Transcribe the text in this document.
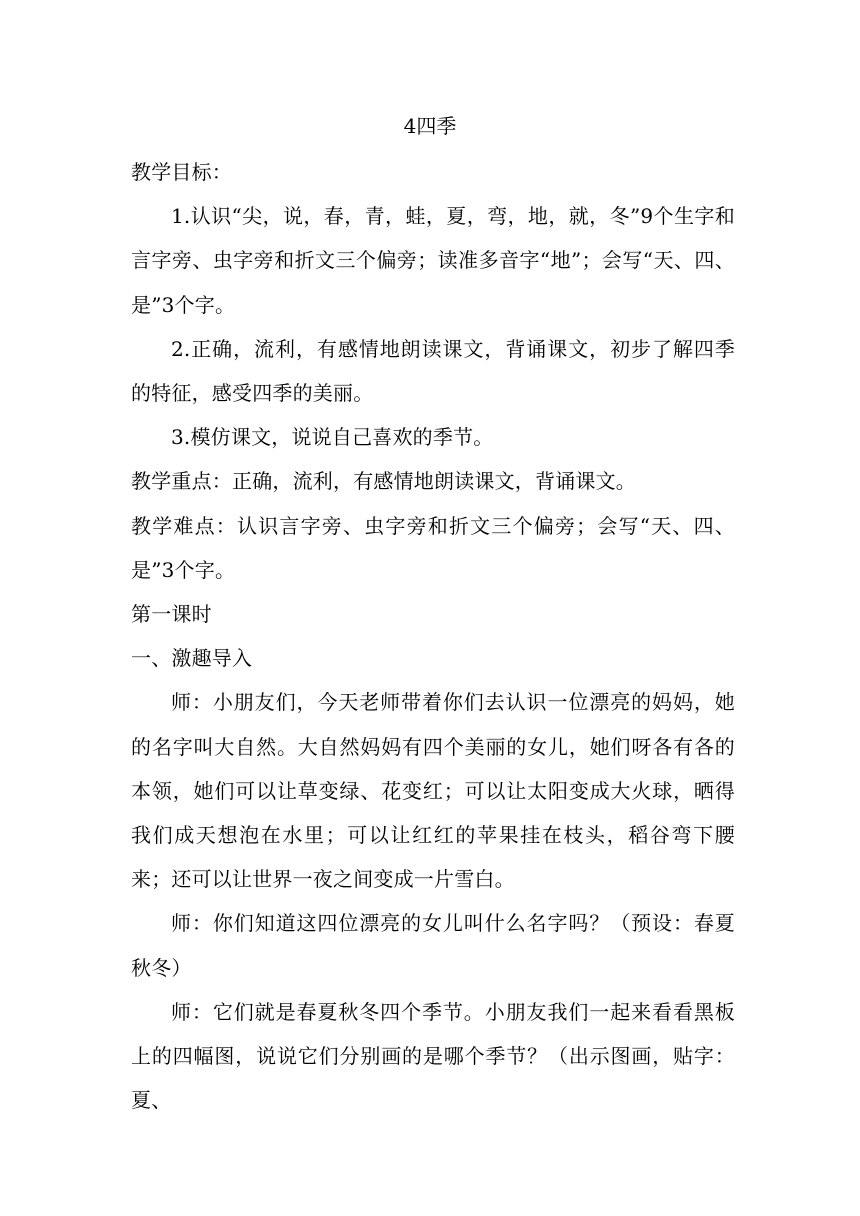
4四季

教学目标：

1.认识“尖，说，春，青，蛙，夏，弯，地，就，冬”9个生字和言字旁、虫字旁和折文三个偏旁；读准多音字“地”；会写“天、四、是”3个字。

2.正确，流利，有感情地朗读课文，背诵课文，初步了解四季的特征，感受四季的美丽。

3.模仿课文，说说自己喜欢的季节。

教学重点：正确，流利，有感情地朗读课文，背诵课文。

教学难点：认识言字旁、虫字旁和折文三个偏旁；会写“天、四、是”3个字。

第一课时

一、激趣导入

师：小朋友们，今天老师带着你们去认识一位漂亮的妈妈，她的名字叫大自然。大自然妈妈有四个美丽的女儿，她们呀各有各的本领，她们可以让草变绿、花变红；可以让太阳变成大火球，晒得我们成天想泡在水里；可以让红红的苹果挂在枝头，稻谷弯下腰来；还可以让世界一夜之间变成一片雪白。

师：你们知道这四位漂亮的女儿叫什么名字吗？（预设：春夏秋冬）

师：它们就是春夏秋冬四个季节。小朋友我们一起来看看黑板上的四幅图，说说它们分别画的是哪个季节？（出示图画，贴字：夏、
